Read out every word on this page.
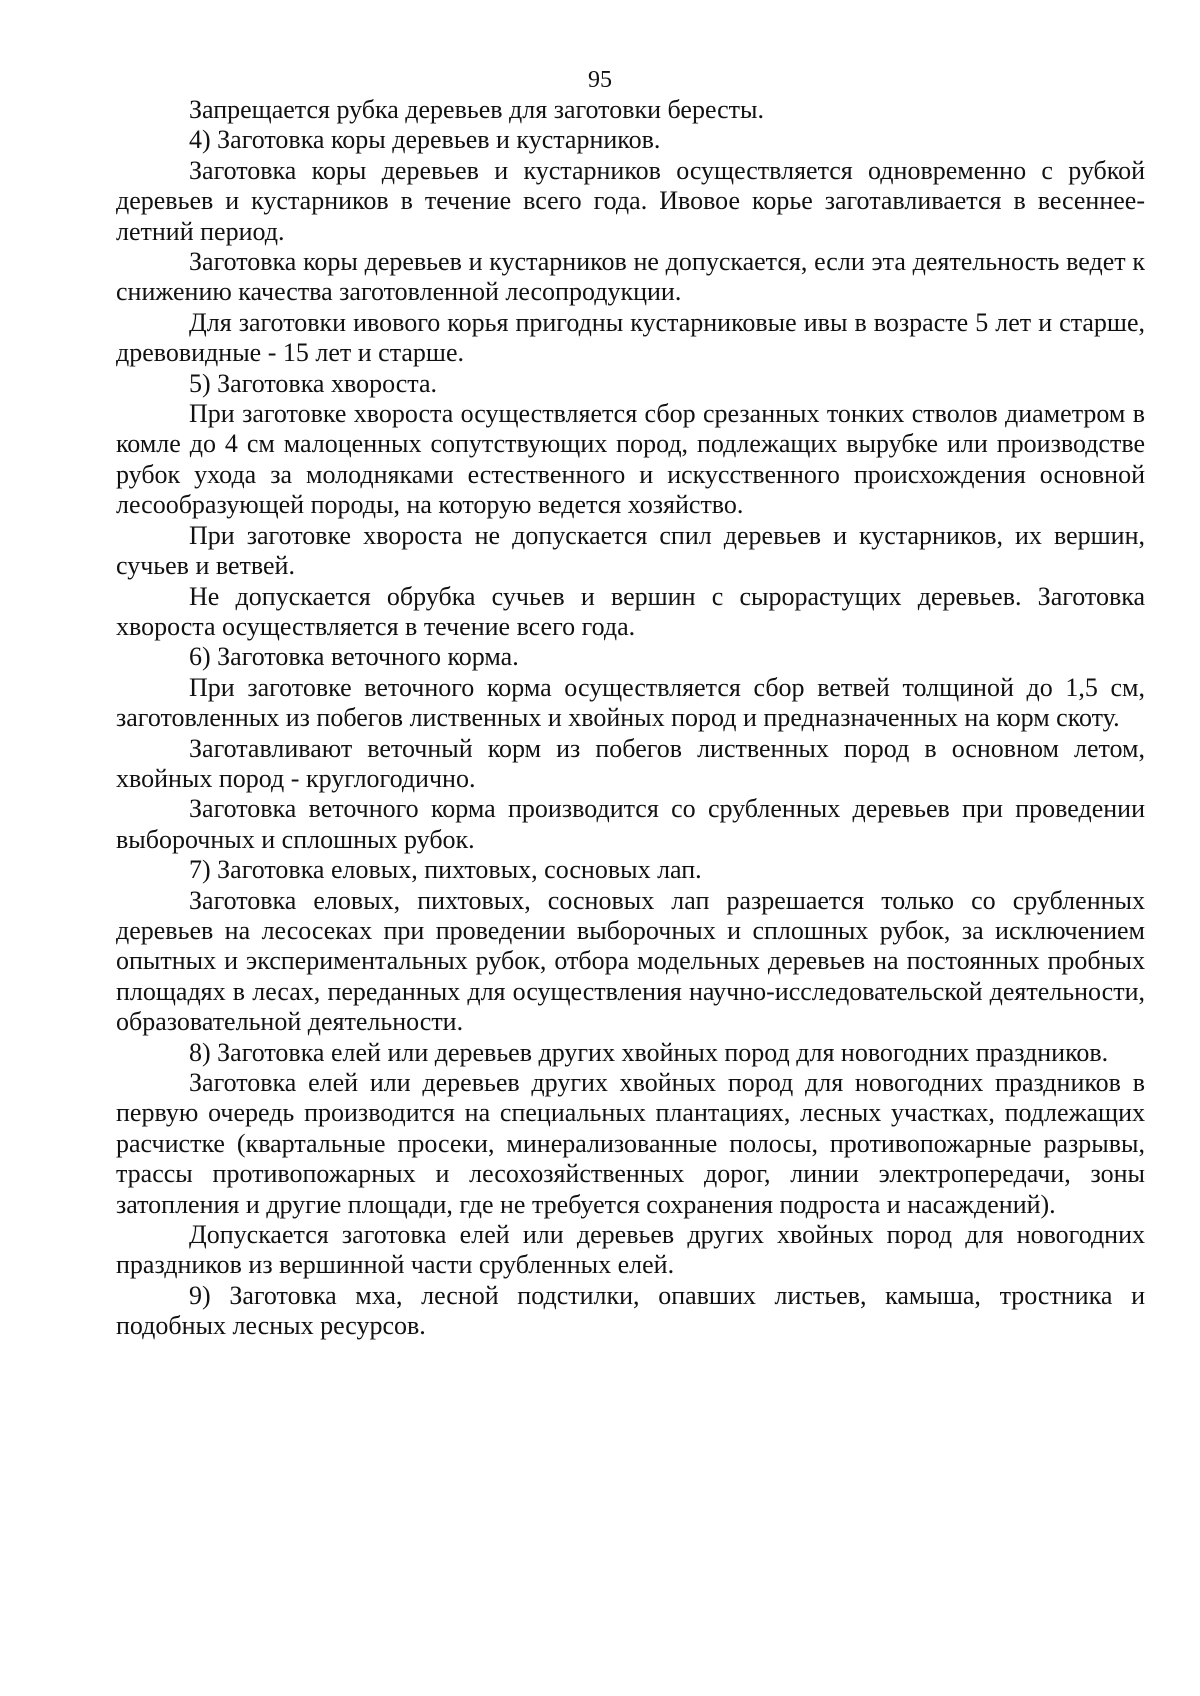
95

Запрещается рубка деревьев для заготовки бересты.

4) Заготовка коры деревьев и кустарников.

Заготовка коры деревьев и кустарников осуществляется одновременно с рубкой деревьев и кустарников в течение всего года. Ивовое корье заготавливается в весеннее-летний период.

Заготовка коры деревьев и кустарников не допускается, если эта деятельность ведет к снижению качества заготовленной лесопродукции.

Для заготовки ивового корья пригодны кустарниковые ивы в возрасте 5 лет и старше, древовидные - 15 лет и старше.

5) Заготовка хвороста.

При заготовке хвороста осуществляется сбор срезанных тонких стволов диаметром в комле до 4 см малоценных сопутствующих пород, подлежащих вырубке или производстве рубок ухода за молодняками естественного и искусственного происхождения основной лесообразующей породы, на которую ведется хозяйство.

При заготовке хвороста не допускается спил деревьев и кустарников, их вершин, сучьев и ветвей.

Не допускается обрубка сучьев и вершин с сырорастущих деревьев. Заготовка хвороста осуществляется в течение всего года.

6) Заготовка веточного корма.

При заготовке веточного корма осуществляется сбор ветвей толщиной до 1,5 см, заготовленных из побегов лиственных и хвойных пород и предназначенных на корм скоту.

Заготавливают веточный корм из побегов лиственных пород в основном летом, хвойных пород - круглогодично.

Заготовка веточного корма производится со срубленных деревьев при проведении выборочных и сплошных рубок.

7) Заготовка еловых, пихтовых, сосновых лап.

Заготовка еловых, пихтовых, сосновых лап разрешается только со срубленных деревьев на лесосеках при проведении выборочных и сплошных рубок, за исключением опытных и экспериментальных рубок, отбора модельных деревьев на постоянных пробных площадях в лесах, переданных для осуществления научно-исследовательской деятельности, образовательной деятельности.

8) Заготовка елей или деревьев других хвойных пород для новогодних праздников.

Заготовка елей или деревьев других хвойных пород для новогодних праздников в первую очередь производится на специальных плантациях, лесных участках, подлежащих расчистке (квартальные просеки, минерализованные полосы, противопожарные разрывы, трассы противопожарных и лесохозяйственных дорог, линии электропередачи, зоны затопления и другие площади, где не требуется сохранения подроста и насаждений).

Допускается заготовка елей или деревьев других хвойных пород для новогодних праздников из вершинной части срубленных елей.

9) Заготовка мха, лесной подстилки, опавших листьев, камыша, тростника и подобных лесных ресурсов.
